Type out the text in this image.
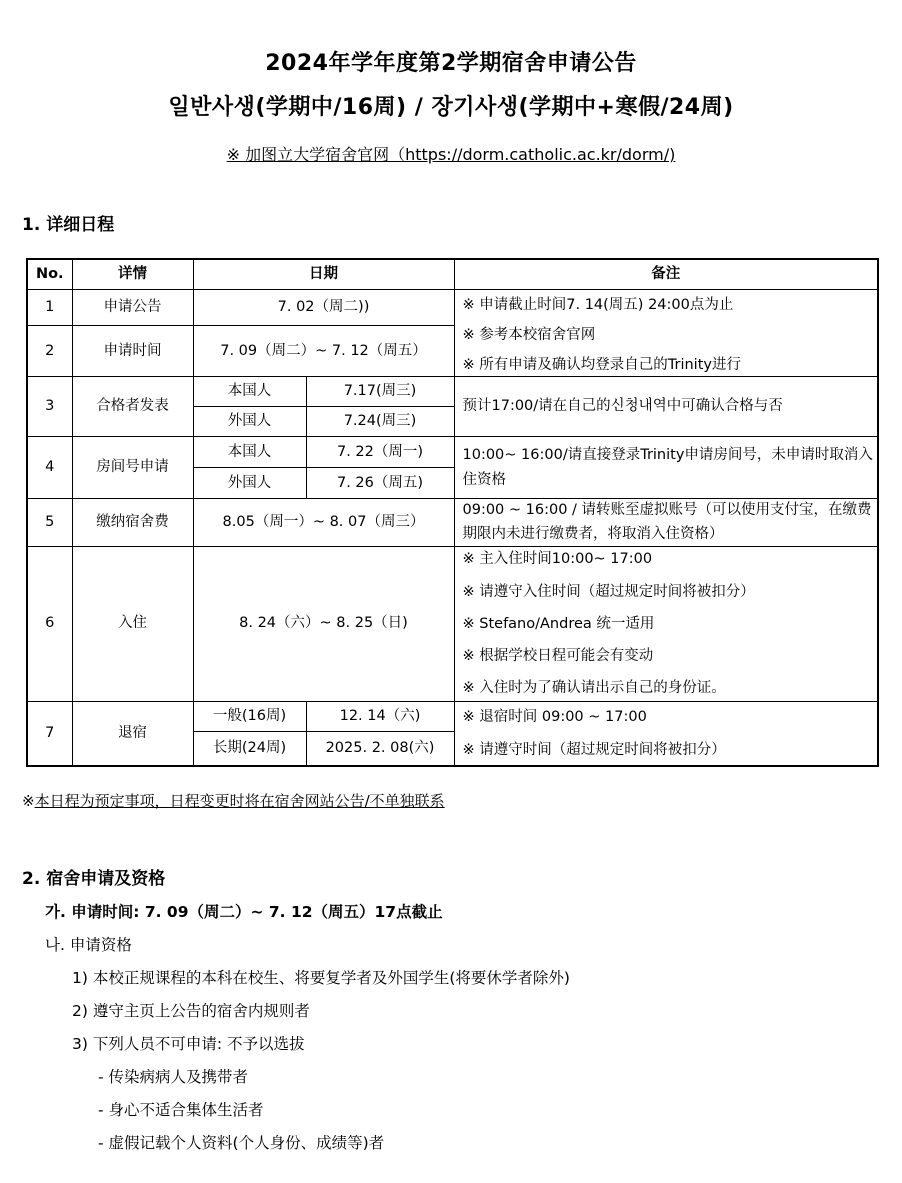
2024年学年度第2学期宿舍申请公告
일반사생(学期中/16周) / 장기사생(学期中+寒假/24周)
※ 加图立大学宿舍官网（https://dorm.catholic.ac.kr/dorm/)
1. 详细日程
No.	详情	日期		备注
1	申请公告	7. 02（周二))		※ 申请截止时间7. 14(周五) 24:00点为止
※ 参考本校宿舍官网
※ 所有申请及确认均登录自己的Trinity进行

2	申请时间	7. 09（周二）~ 7. 12（周五）		
3	合格者发表	本国人	7.17(周三)	预计17:00/请在自己的신청내역中可确认合格与否
		外国人	7.24(周三)	
4	房间号申请	本国人	7. 22（周一)	10:00~ 16:00/请直接登录Trinity申请房间号，未申请时取消入住资格
		外国人	7. 26（周五)	
5	缴纳宿舍费	8.05（周一）~ 8. 07（周三）		09:00 ~ 16:00 / 请转账至虚拟账号（可以使用支付宝，在缴费期限内未进行缴费者，将取消入住资格）
6	入住	8. 24（六）~ 8. 25（日)		※ 主入住时间10:00~ 17:00
※ 请遵守入住时间（超过规定时间将被扣分）
※ Stefano/Andrea 统一适用
※ 根据学校日程可能会有变动
※ 入住时为了确认请出示自己的身份证。

7	退宿	一般(16周)	12. 14（六)	※ 退宿时间 09:00 ~ 17:00
※ 请遵守时间（超过规定时间将被扣分）

		长期(24周)	2025. 2. 08(六)	
※本日程为预定事项，日程变更时将在宿舍网站公告/不单独联系
2. 宿舍申请及资格
가. 申请时间: 7. 09（周二）~ 7. 12（周五）17点截止
나. 申请资格
1) 本校正规课程的本科在校生、将要复学者及外国学生(将要休学者除外)
2) 遵守主页上公告的宿舍内规则者
3) 下列人员不可申请: 不予以选拔
- 传染病病人及携带者
- 身心不适合集体生活者
- 虚假记载个人资料(个人身份、成绩等)者
